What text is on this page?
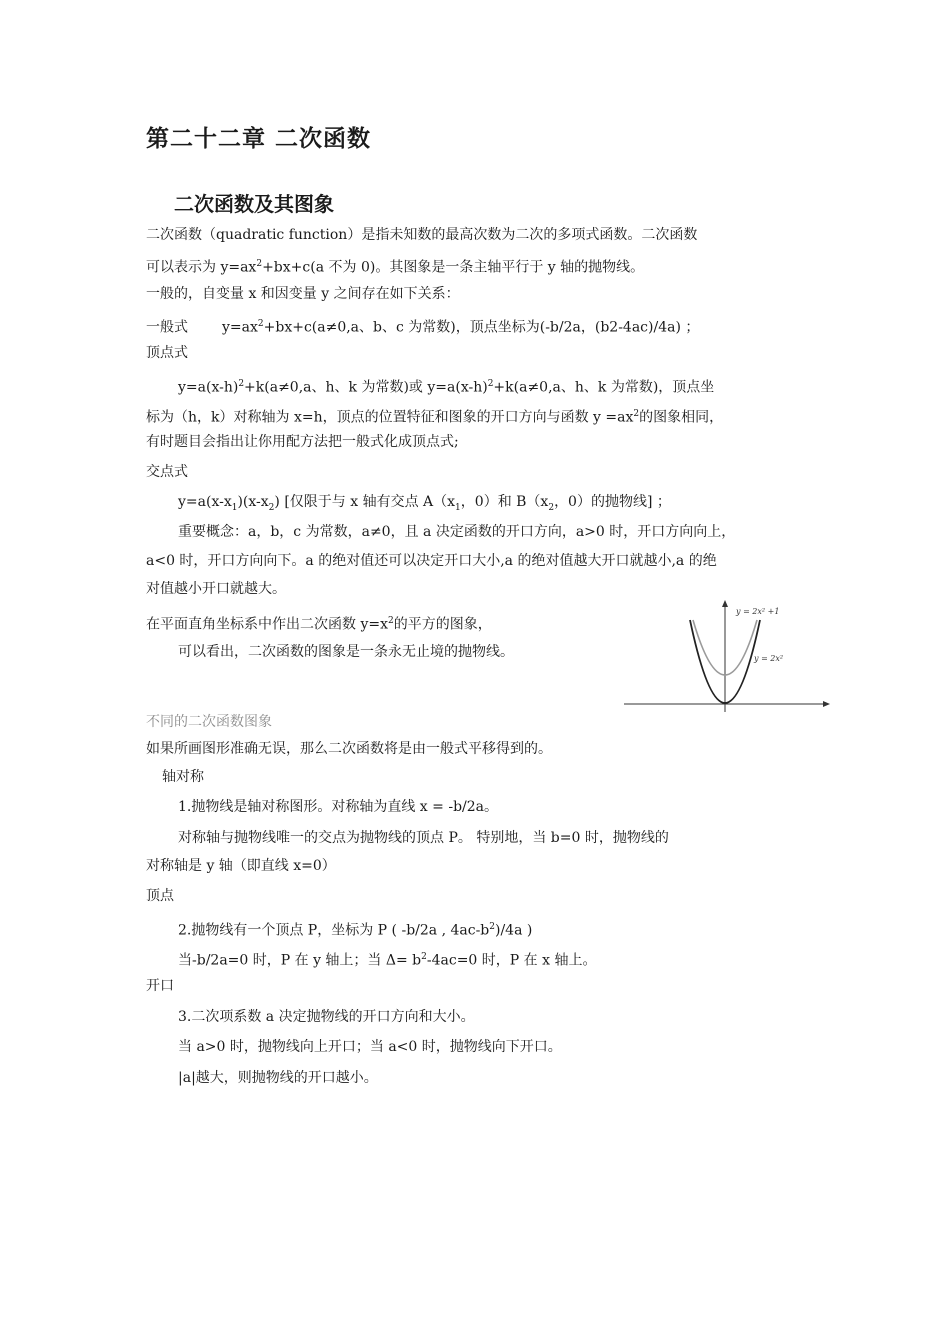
第二十二章 二次函数
二次函数及其图象
二次函数（quadratic function）是指未知数的最高次数为二次的多项式函数。二次函数
可以表示为 $y=ax^2+bx+c(a$ 不为 0)。其图象是一条主轴平行于 y 轴的抛物线。
一般的，自变量 x 和因变量 y 之间存在如下关系：
一般式 $y=ax^2+bx+c(a\ne 0,a$、b、c 为常数)，顶点坐标为(-b/2a，(b2-4ac)/4a) ；
顶点式
$y=a(x-h)^2+k(a\ne 0,a$、h、k 为常数)或 $y=a(x-h)^2+k(a\ne 0,a$、h、k 为常数)，顶点坐
标为（h，k）对称轴为 x=h，顶点的位置特征和图象的开口方向与函数 $y =ax^2$的图象相同，
有时题目会指出让你用配方法把一般式化成顶点式;
交点式
$y=a(x-x_1)(x-x_2)$ [仅限于与 x 轴有交点 $A(x_1$，0）和 $B(x_2$，0）的抛物线] ；
重要概念：a，b，c 为常数，a≠0，且 a 决定函数的开口方向，a>0 时，开口方向向上，
a<0 时，开口方向向下。a 的绝对值还可以决定开口大小,a 的绝对值越大开口就越小,a 的绝
对值越小开口就越大。
在平面直角坐标系中作出二次函数 $y=x^2$的平方的图象，
可以看出，二次函数的图象是一条永无止境的抛物线。
y = 2x² +1
y = 2x²
不同的二次函数图象
如果所画图形准确无误，那么二次函数将是由一般式平移得到的。
轴对称
1.抛物线是轴对称图形。对称轴为直线 x = -b/2a。
对称轴与抛物线唯一的交点为抛物线的顶点 P。 特别地，当 b=0 时，抛物线的
对称轴是 y 轴（即直线 x=0）
顶点
2.抛物线有一个顶点 P，坐标为 P ( -b/2a , $4ac-b^2)/4a$ )
当-b/2a=0 时，P 在 y 轴上；当 $\Delta= b^2-4ac=0$ 时，P 在 x 轴上。
开口
3.二次项系数 a 决定抛物线的开口方向和大小。
当 a>0 时，抛物线向上开口；当 a<0 时，抛物线向下开口。
|a|越大，则抛物线的开口越小。
